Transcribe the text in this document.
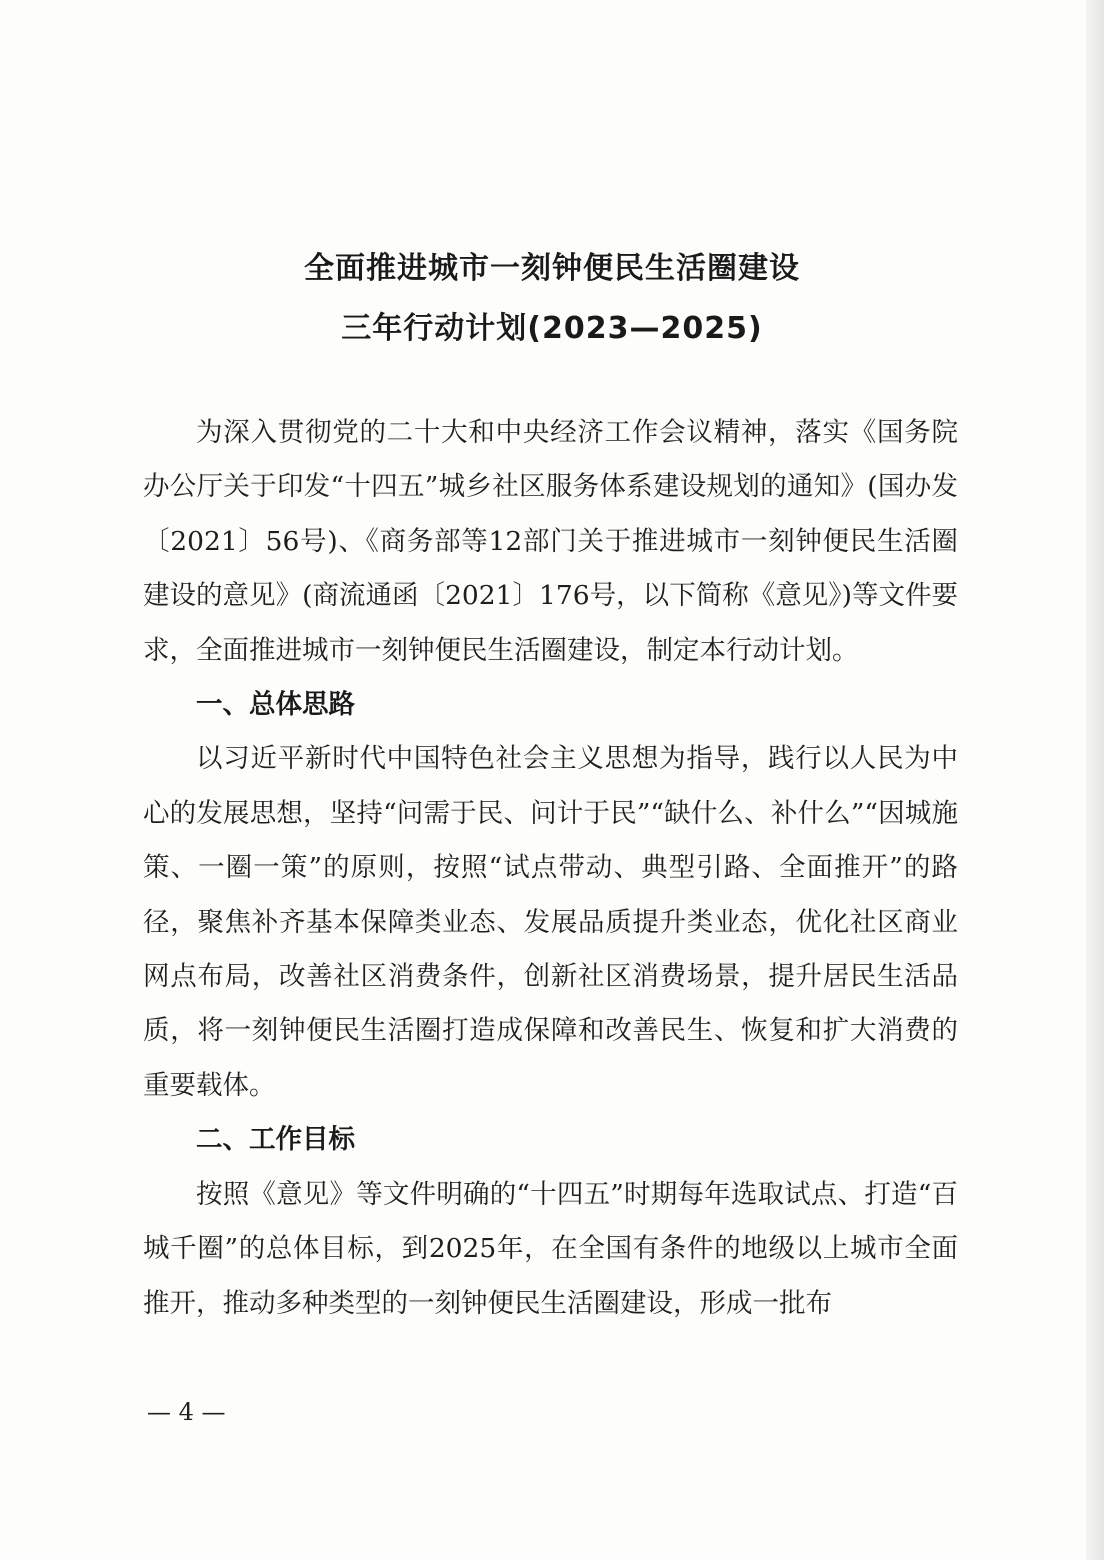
全面推进城市一刻钟便民生活圈建设
三年行动计划(2023—2025)

为深入贯彻党的二十大和中央经济工作会议精神，落实《国务院办公厅关于印发“十四五”城乡社区服务体系建设规划的通知》(国办发〔2021〕56号)、《商务部等12部门关于推进城市一刻钟便民生活圈建设的意见》(商流通函〔2021〕176号，以下简称《意见》)等文件要求，全面推进城市一刻钟便民生活圈建设，制定本行动计划。

一、总体思路

以习近平新时代中国特色社会主义思想为指导，践行以人民为中心的发展思想，坚持“问需于民、问计于民”“缺什么、补什么”“因城施策、一圈一策”的原则，按照“试点带动、典型引路、全面推开”的路径，聚焦补齐基本保障类业态、发展品质提升类业态，优化社区商业网点布局，改善社区消费条件，创新社区消费场景，提升居民生活品质，将一刻钟便民生活圈打造成保障和改善民生、恢复和扩大消费的重要载体。

二、工作目标

按照《意见》等文件明确的“十四五”时期每年选取试点、打造“百城千圈”的总体目标，到2025年，在全国有条件的地级以上城市全面推开，推动多种类型的一刻钟便民生活圈建设，形成一批布

— 4 —
